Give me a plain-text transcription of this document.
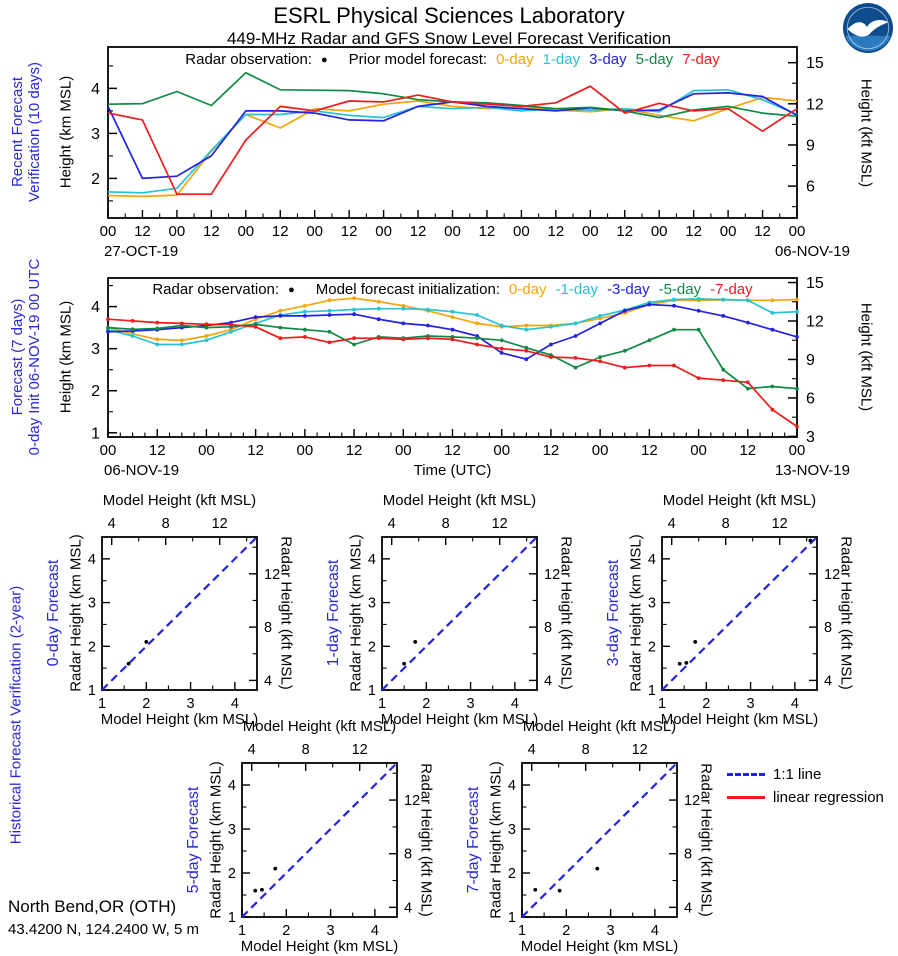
00 12 00 12 00 12 00 12 00 12 00 12 00 12 00 12 00 12 00 12 00
2
3
4
6
9
12
15
00 12 00 12 00 12 00 12 00 12 00 12 00 12 00
1
2
3
4
3
6
9
12
15
1 2 3 4
1
2
3
4
4
4
8
8
12
12
1 2 3 4
1
2
3
4
4
4
8
8
12
12
1 2 3 4
1
2
3
4
4
4
8
8
12
12
1 2 3 4
1
2
3
4
4
4
8
8
12
12
1 2 3 4
1
2
3
4
4
4
8
8
12
12
ESRL Physical Sciences Laboratory
449-MHz Radar and GFS Snow Level Forecast Verification
Recent Forecast Verification (10 days) Height (km MSL)	Height (kft MSL)
Radar observation: ● Prior model forecast: 0-day 1-day 3-day 5-day 7-day
27-OCT-19	06-NOV-19
Forecast (7 days) 0-day Init 06-NOV-19 00 UTC Height (km MSL)	Height (kft MSL)
Radar observation: ● Model forecast initialization: 0-day -1-day -3-day -5-day -7-day
06-NOV-19	Time (UTC)	13-NOV-19
Historical Forecast Verification (2-year)
Model Height (kft MSL)
0-day Forecast Radar Height (km MSL)	Radar Height (kft MSL)
Model Height (km MSL)
Model Height (kft MSL)
1-day Forecast Radar Height (km MSL)	Radar Height (kft MSL)
Model Height (km MSL)
Model Height (kft MSL)
3-day Forecast Radar Height (km MSL)	Radar Height (kft MSL)
Model Height (km MSL)
Model Height (kft MSL)
5-day Forecast Radar Height (km MSL)	Radar Height (kft MSL)
Model Height (km MSL)
Model Height (kft MSL)
7-day Forecast Radar Height (km MSL)	Radar Height (kft MSL)
Model Height (km MSL)
1:1 line
linear regression
North Bend,OR (OTH)
43.4200 N, 124.2400 W, 5 m
